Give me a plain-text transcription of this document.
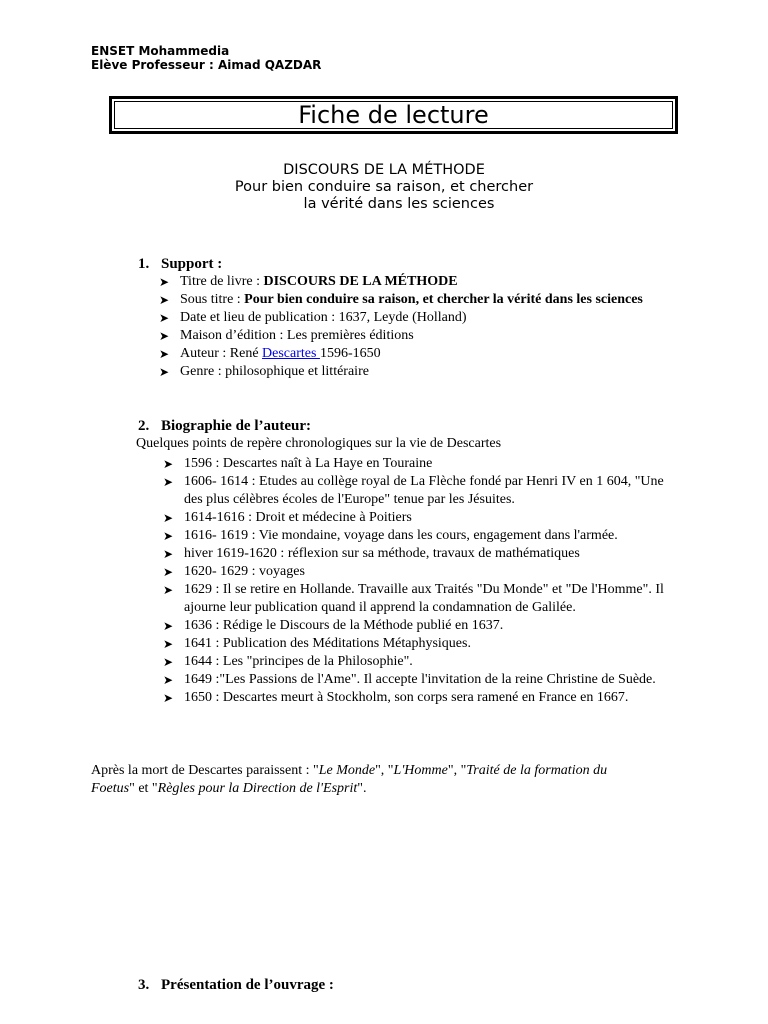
ENSET Mohammedia
Elève Professeur : Aimad QAZDAR
Fiche de lecture
DISCOURS DE LA MÉTHODE
Pour bien conduire sa raison, et chercher
la vérité dans les sciences
1. Support :
➤ Titre de livre : DISCOURS DE LA MÉTHODE
➤ Sous titre : Pour bien conduire sa raison, et chercher la vérité dans les sciences
➤ Date et lieu de publication : 1637, Leyde (Holland)
➤ Maison d’édition : Les premières éditions
➤ Auteur : René Descartes 1596-1650
➤ Genre : philosophique et littéraire
2. Biographie de l’auteur:
Quelques points de repère chronologiques sur la vie de Descartes
➤ 1596 : Descartes naît à La Haye en Touraine
➤ 1606- 1614 : Etudes au collège royal de La Flèche fondé par Henri IV en 1 604, "Une des plus célèbres écoles de l'Europe" tenue par les Jésuites.
➤ 1614-1616 : Droit et médecine à Poitiers
➤ 1616- 1619 : Vie mondaine, voyage dans les cours, engagement dans l'armée.
➤ hiver 1619-1620 : réflexion sur sa méthode, travaux de mathématiques
➤ 1620- 1629 : voyages
➤ 1629 : Il se retire en Hollande. Travaille aux Traités "Du Monde" et "De l'Homme". Il ajourne leur publication quand il apprend la condamnation de Galilée.
➤ 1636 : Rédige le Discours de la Méthode publié en 1637.
➤ 1641 : Publication des Méditations Métaphysiques.
➤ 1644 : Les "principes de la Philosophie".
➤ 1649 :"Les Passions de l'Ame". Il accepte l'invitation de la reine Christine de Suède.
➤ 1650 : Descartes meurt à Stockholm, son corps sera ramené en France en 1667.
Après la mort de Descartes paraissent : "Le Monde", "L'Homme", "Traité de la formation du Foetus" et "Règles pour la Direction de l'Esprit".
3. Présentation de l’ouvrage :
